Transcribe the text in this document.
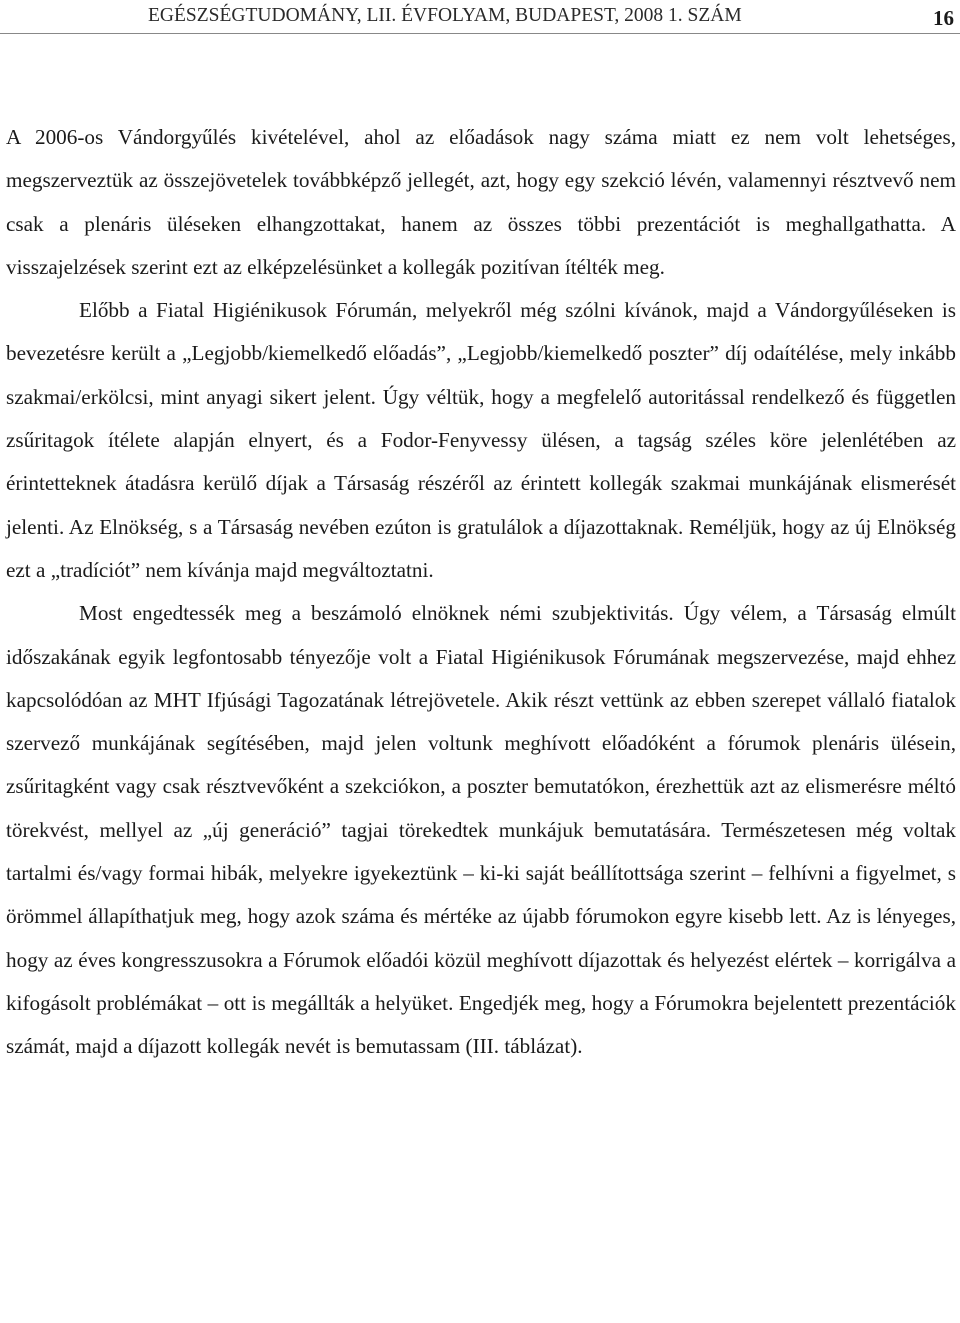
EGÉSZSÉGTUDOMÁNY, LII. ÉVFOLYAM, BUDAPEST, 2008 1. SZÁM	16

A 2006-os Vándorgyűlés kivételével, ahol az előadások nagy száma miatt ez nem volt lehetséges, megszerveztük az összejövetelek továbbképző jellegét, azt, hogy egy szekció lévén, valamennyi résztvevő nem csak a plenáris üléseken elhangzottakat, hanem az összes többi prezentációt is meghallgathatta. A visszajelzések szerint ezt az elképzelésünket a kollegák pozitívan ítélték meg.

Előbb a Fiatal Higiénikusok Fórumán, melyekről még szólni kívánok, majd a Vándorgyűléseken is bevezetésre került a „Legjobb/kiemelkedő előadás”, „Legjobb/kiemelkedő poszter” díj odaítélése, mely inkább szakmai/erkölcsi, mint anyagi sikert jelent. Úgy véltük, hogy a megfelelő autoritással rendelkező és független zsűritagok ítélete alapján elnyert, és a Fodor-Fenyvessy ülésen, a tagság széles köre jelenlétében az érintetteknek átadásra kerülő díjak a Társaság részéről az érintett kollegák szakmai munkájának elismerését jelenti. Az Elnökség, s a Társaság nevében ezúton is gratulálok a díjazottaknak. Reméljük, hogy az új Elnökség ezt a „tradíciót” nem kívánja majd megváltoztatni.

Most engedtessék meg a beszámoló elnöknek némi szubjektivitás. Úgy vélem, a Társaság elmúlt időszakának egyik legfontosabb tényezője volt a Fiatal Higiénikusok Fórumának megszervezése, majd ehhez kapcsolódóan az MHT Ifjúsági Tagozatának létrejövetele. Akik részt vettünk az ebben szerepet vállaló fiatalok szervező munkájának segítésében, majd jelen voltunk meghívott előadóként a fórumok plenáris ülésein, zsűritagként vagy csak résztvevőként a szekciókon, a poszter bemutatókon, érezhettük azt az elismerésre méltó törekvést, mellyel az „új generáció” tagjai törekedtek munkájuk bemutatására. Természetesen még voltak tartalmi és/vagy formai hibák, melyekre igyekeztünk – ki-ki saját beállítottsága szerint – felhívni a figyelmet, s örömmel állapíthatjuk meg, hogy azok száma és mértéke az újabb fórumokon egyre kisebb lett. Az is lényeges, hogy az éves kongresszusokra a Fórumok előadói közül meghívott díjazottak és helyezést elértek – korrigálva a kifogásolt problémákat – ott is megállták a helyüket. Engedjék meg, hogy a Fórumokra bejelentett prezentációk számát, majd a díjazott kollegák nevét is bemutassam (III. táblázat).
